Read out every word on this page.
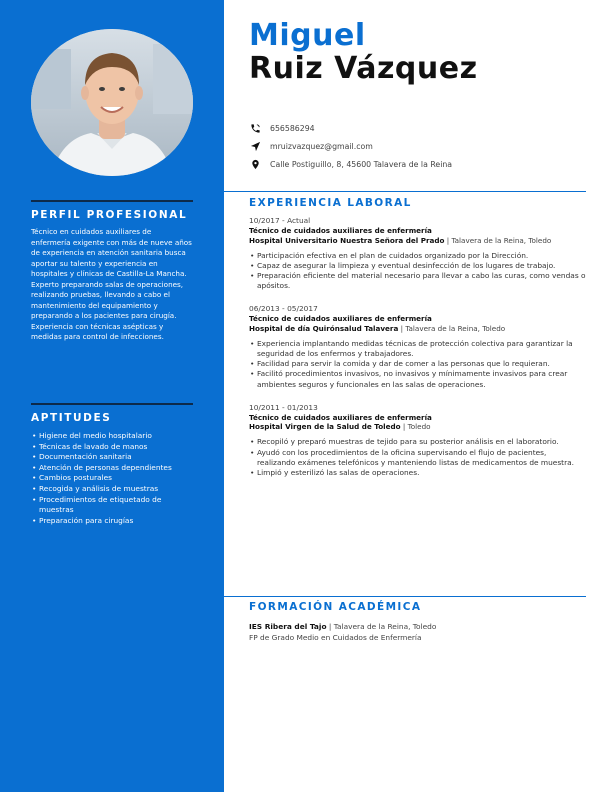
PERFIL PROFESIONAL
Técnico en cuidados auxiliares de enfermería exigente con más de nueve años de experiencia en atención sanitaria busca aportar su talento y experiencia en hospitales y clínicas de Castilla-La Mancha. Experto preparando salas de operaciones, realizando pruebas, llevando a cabo el mantenimiento del equipamiento y preparando a los pacientes para cirugía. Experiencia con técnicas asépticas y medidas para control de infecciones.
APTITUDES
• Higiene del medio hospitalario
• Técnicas de lavado de manos
• Documentación sanitaria
• Atención de personas dependientes
• Cambios posturales
• Recogida y análisis de muestras
• Procedimientos de etiquetado de muestras
• Preparación para cirugías
Miguel
Ruiz Vázquez
656586294
mruizvazquez@gmail.com
Calle Postiguillo, 8, 45600 Talavera de la Reina
EXPERIENCIA LABORAL
10/2017 - Actual
Técnico de cuidados auxiliares de enfermería
Hospital Universitario Nuestra Señora del Prado | Talavera de la Reina, Toledo
• Participación efectiva en el plan de cuidados organizado por la Dirección.
• Capaz de asegurar la limpieza y eventual desinfección de los lugares de trabajo.
• Preparación eficiente del material necesario para llevar a cabo las curas, como vendas o apósitos.
06/2013 - 05/2017
Técnico de cuidados auxiliares de enfermería
Hospital de día Quirónsalud Talavera | Talavera de la Reina, Toledo
• Experiencia implantando medidas técnicas de protección colectiva para garantizar la seguridad de los enfermos y trabajadores.
• Facilidad para servir la comida y dar de comer a las personas que lo requieran.
• Facilitó procedimientos invasivos, no invasivos y mínimamente invasivos para crear ambientes seguros y funcionales en las salas de operaciones.
10/2011 - 01/2013
Técnico de cuidados auxiliares de enfermería
Hospital Virgen de la Salud de Toledo | Toledo
• Recopiló y preparó muestras de tejido para su posterior análisis en el laboratorio.
• Ayudó con los procedimientos de la oficina supervisando el flujo de pacientes, realizando exámenes telefónicos y manteniendo listas de medicamentos de muestra.
• Limpió y esterilizó las salas de operaciones.
FORMACIÓN ACADÉMICA
IES Ribera del Tajo | Talavera de la Reina, Toledo
FP de Grado Medio en Cuidados de Enfermería
